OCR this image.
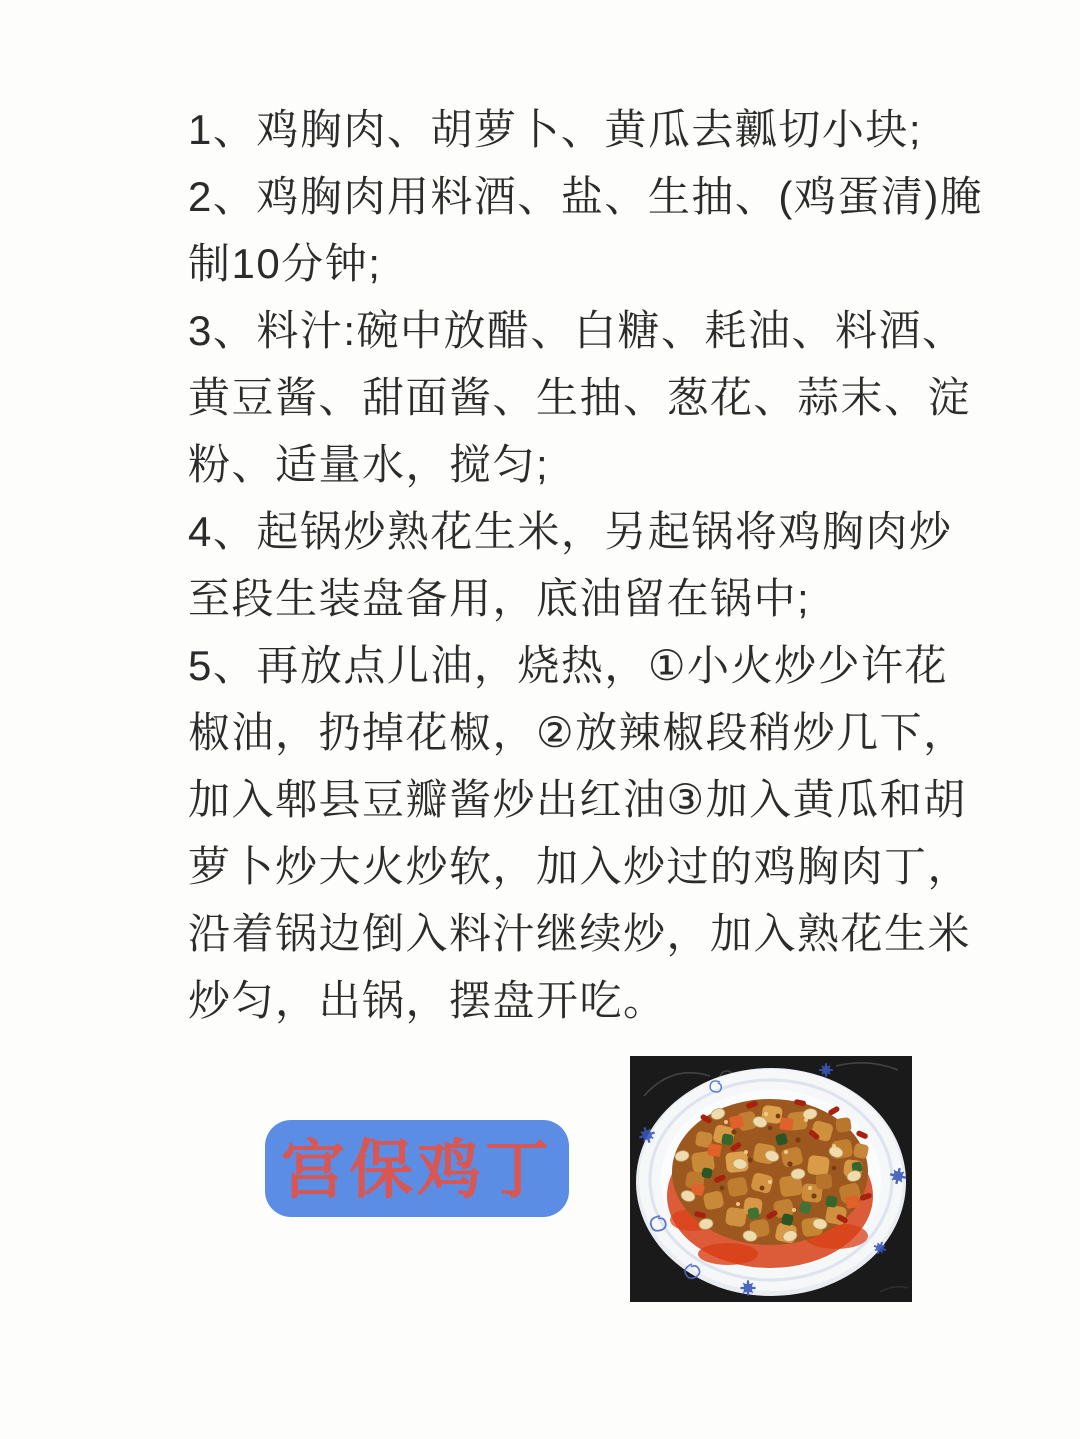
1、鸡胸肉、胡萝卜、黄瓜去瓤切小块;
2、鸡胸肉用料酒、盐、生抽、(鸡蛋清)腌
制10分钟;
3、料汁:碗中放醋、白糖、耗油、料酒、
黄豆酱、甜面酱、生抽、葱花、蒜末、淀
粉、适量水，搅匀;
4、起锅炒熟花生米，另起锅将鸡胸肉炒
至段生装盘备用，底油留在锅中;
5、再放点儿油，烧热，①小火炒少许花
椒油，扔掉花椒，②放辣椒段稍炒几下，
加入郫县豆瓣酱炒出红油③加入黄瓜和胡
萝卜炒大火炒软，加入炒过的鸡胸肉丁，
沿着锅边倒入料汁继续炒，加入熟花生米
炒匀，出锅，摆盘开吃。
宫保鸡丁
